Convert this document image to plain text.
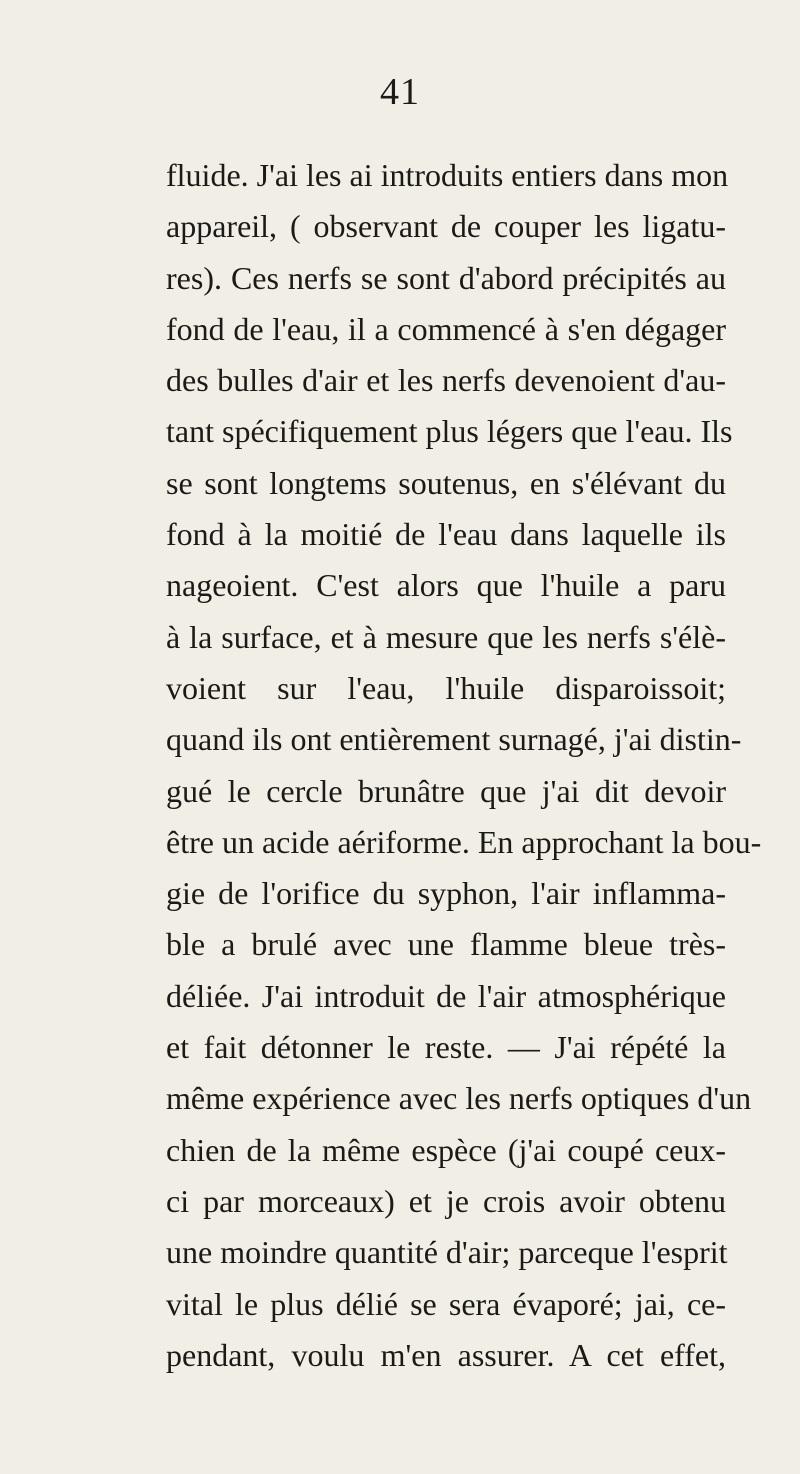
41
fluide. J'ai les ai introduits entiers dans mon
appareil, ( observant de couper les ligatu-
res). Ces nerfs se sont d'abord précipités au
fond de l'eau, il a commencé à s'en dégager
des bulles d'air et les nerfs devenoient d'au-
tant spécifiquement plus légers que l'eau. Ils
se sont longtems soutenus, en s'élévant du
fond à la moitié de l'eau dans laquelle ils
nageoient. C'est alors que l'huile a paru
à la surface, et à mesure que les nerfs s'élè-
voient sur l'eau, l'huile disparoissoit;
quand ils ont entièrement surnagé, j'ai distin-
gué le cercle brunâtre que j'ai dit devoir
être un acide aériforme. En approchant la bou-
gie de l'orifice du syphon, l'air inflamma-
ble a brulé avec une flamme bleue très-
déliée. J'ai introduit de l'air atmosphérique
et fait détonner le reste. — J'ai répété la
même expérience avec les nerfs optiques d'un
chien de la même espèce (j'ai coupé ceux-
ci par morceaux) et je crois avoir obtenu
une moindre quantité d'air; parceque l'esprit
vital le plus délié se sera évaporé; jai, ce-
pendant, voulu m'en assurer. A cet effet,
